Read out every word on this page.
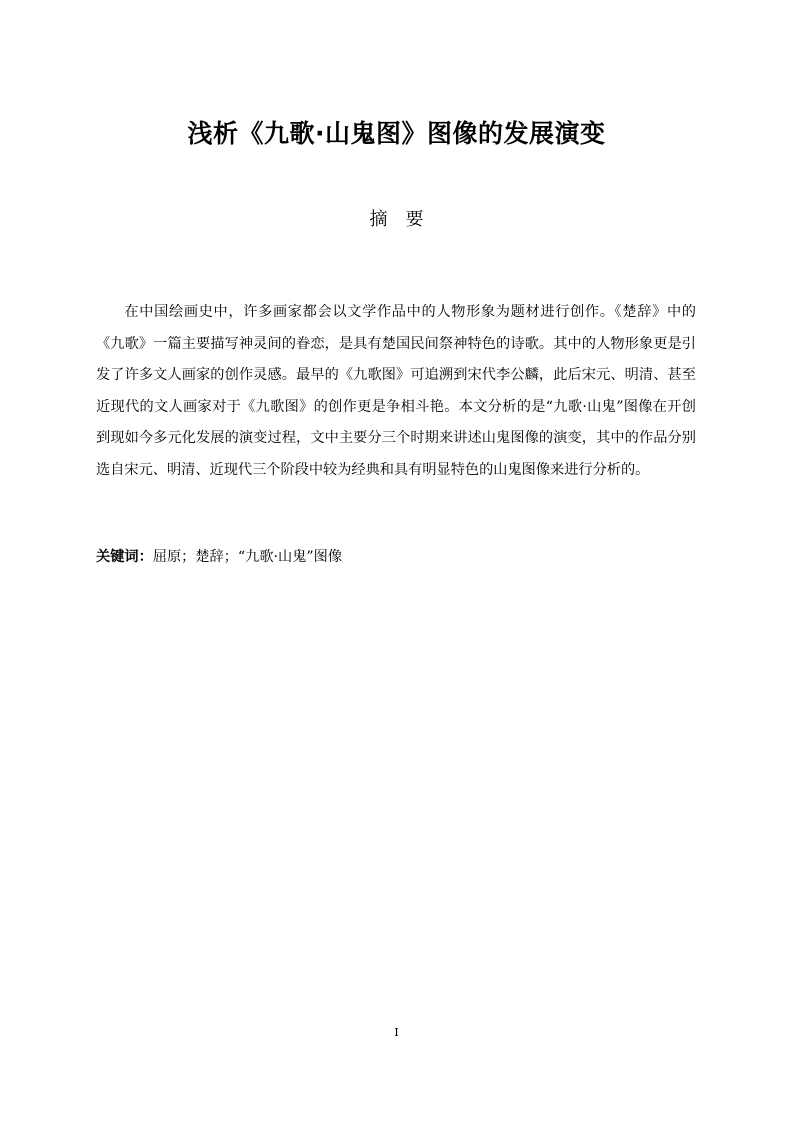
浅析《九歌·山鬼图》图像的发展演变
摘要

在中国绘画史中，许多画家都会以文学作品中的人物形象为题材进行创作。《楚辞》中的《九歌》一篇主要描写神灵间的眷恋，是具有楚国民间祭神特色的诗歌。其中的人物形象更是引发了许多文人画家的创作灵感。最早的《九歌图》可追溯到宋代李公麟，此后宋元、明清、甚至近现代的文人画家对于《九歌图》的创作更是争相斗艳。本文分析的是“九歌·山鬼”图像在开创到现如今多元化发展的演变过程，文中主要分三个时期来讲述山鬼图像的演变，其中的作品分别选自宋元、明清、近现代三个阶段中较为经典和具有明显特色的山鬼图像来进行分析的。

关键词：屈原；楚辞；“九歌·山鬼”图像
I
